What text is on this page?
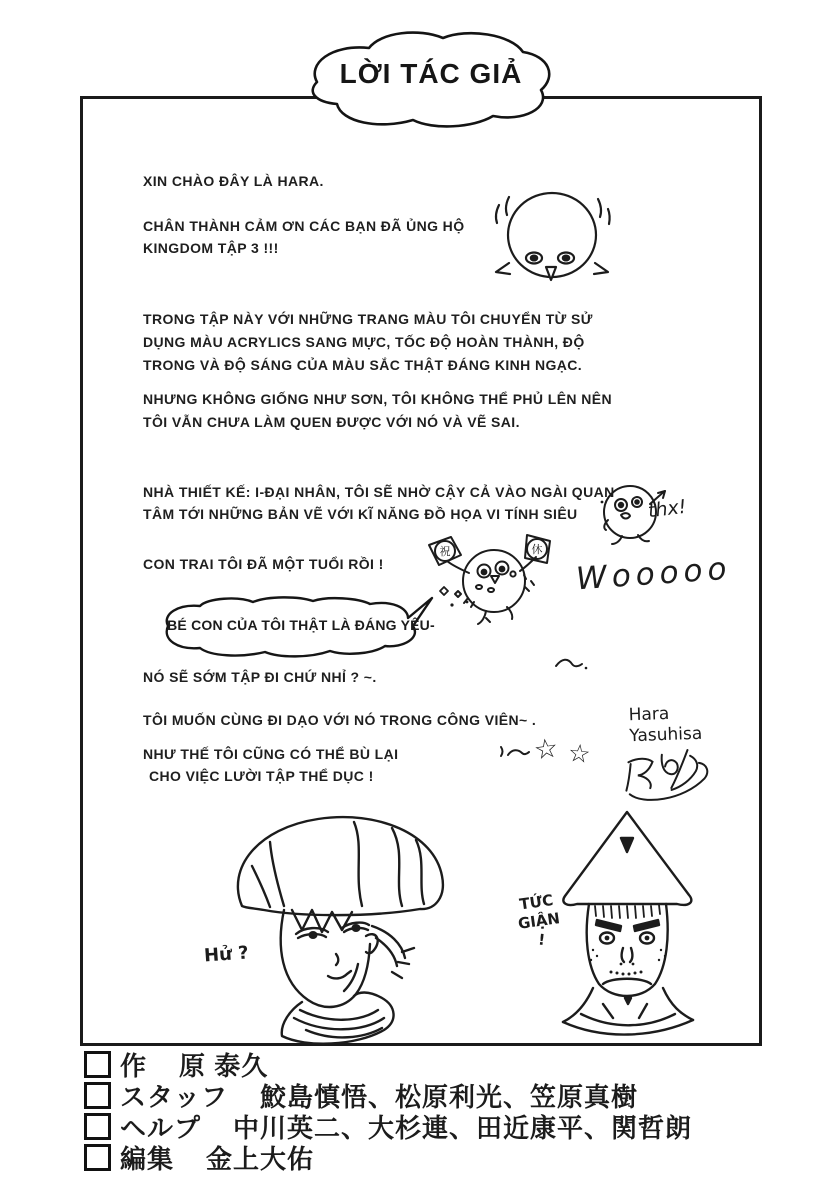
LỜI TÁC GIẢ
XIN CHÀO ĐÂY LÀ HARA.
CHÂN THÀNH CẢM ƠN CÁC BẠN ĐÃ ỦNG HỘ
KINGDOM TẬP 3 !!!
TRONG TẬP NÀY VỚI NHỮNG TRANG MÀU TÔI CHUYỂN TỪ SỬ
DỤNG MÀU ACRYLICS SANG MỰC, TỐC ĐỘ HOÀN THÀNH, ĐỘ
TRONG VÀ ĐỘ SÁNG CỦA MÀU SẮC THẬT ĐÁNG KINH NGẠC.
NHƯNG KHÔNG GIỐNG NHƯ SƠN, TÔI KHÔNG THỂ PHỦ LÊN NÊN
TÔI VẪN CHƯA LÀM QUEN ĐƯỢC VỚI NÓ VÀ VẼ SAI.
NHÀ THIẾT KẾ: I-ĐẠI NHÂN, TÔI SẼ NHỜ CẬY CẢ VÀO NGÀI QUAN
TÂM TỚI NHỮNG BẢN VẼ VỚI KĨ NĂNG ĐỒ HỌA VI TÍNH SIÊU
CON TRAI TÔI ĐÃ MỘT TUỔI RỒI !
NÓ SẼ SỚM TẬP ĐI CHỨ NHỈ ? ~.
TÔI MUỐN CÙNG ĐI DẠO VỚI NÓ TRONG CÔNG VIÊN~ .
NHƯ THẾ TÔI CŨNG CÓ THỂ BÙ LẠI
CHO VIỆC LƯỜI TẬP THỂ DỤC !
thx!
祝	休
Wooooo
BÉ CON CỦA TÔI THẬT LÀ ĐÁNG YÊU-
☆ ☆
Hara
Yasuhisa
Hử ?
TỨC
GIẬN
!
作 原 泰久
スタッフ 鮫島慎悟、松原利光、笠原真樹
ヘルプ 中川英二、大杉連、田近康平、関哲朗
編集 金上大佑
